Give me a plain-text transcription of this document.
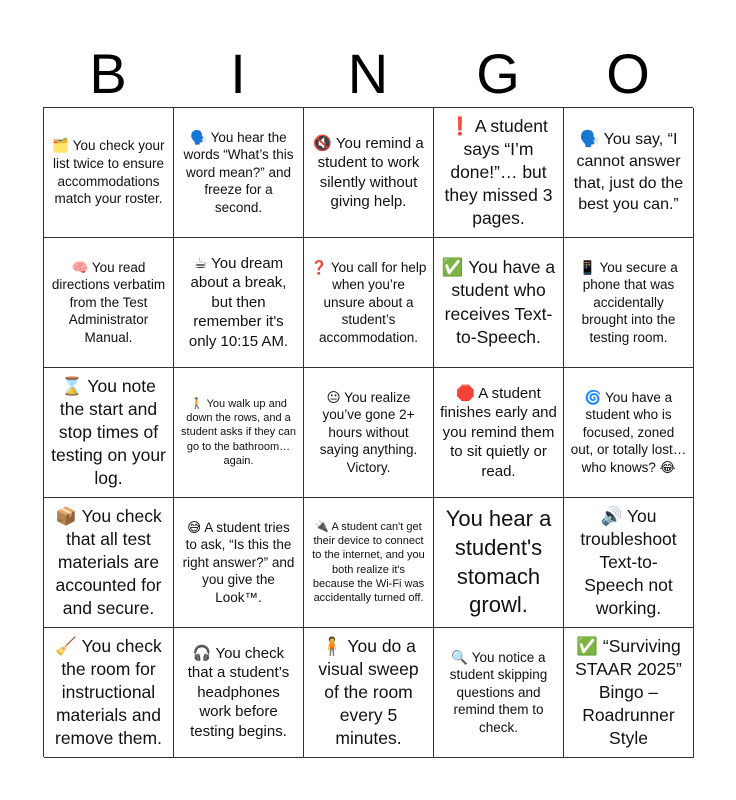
B	I	N	G	O
🗂️ You check your list twice to ensure accommodations match your roster.
🗣️ You hear the words “What’s this word mean?” and freeze for a second.
🔇 You remind a student to work silently without giving help.
❗ A student says “I’m done!”… but they missed 3 pages.
🗣️ You say, “I cannot answer that, just do the best you can.”
🧠 You read directions verbatim from the Test Administrator Manual.
☕ You dream about a break, but then remember it's only 10:15 AM.
❓ You call for help when you’re unsure about a student’s accommodation.
✅ You have a student who receives Text-to-Speech.
📱 You secure a phone that was accidentally brought into the testing room.
⌛ You note the start and stop times of testing on your log.
🚶 You walk up and down the rows, and a student asks if they can go to the bathroom… again.
😐 You realize you’ve gone 2+ hours without saying anything. Victory.
🛑 A student finishes early and you remind them to sit quietly or read.
🌀 You have a student who is focused, zoned out, or totally lost… who knows? 😂
📦 You check that all test materials are accounted for and secure.
😅 A student tries to ask, “Is this the right answer?” and you give the Look™.
🔌 A student can't get their device to connect to the internet, and you both realize it's because the Wi-Fi was accidentally turned off.
You hear a student's stomach growl.
🔊 You troubleshoot Text-to-Speech not working.
🧹 You check the room for instructional materials and remove them.
🎧 You check that a student’s headphones work before testing begins.
🧍 You do a visual sweep of the room every 5 minutes.
🔍 You notice a student skipping questions and remind them to check.
✅ “Surviving STAAR 2025” Bingo – Roadrunner Style
